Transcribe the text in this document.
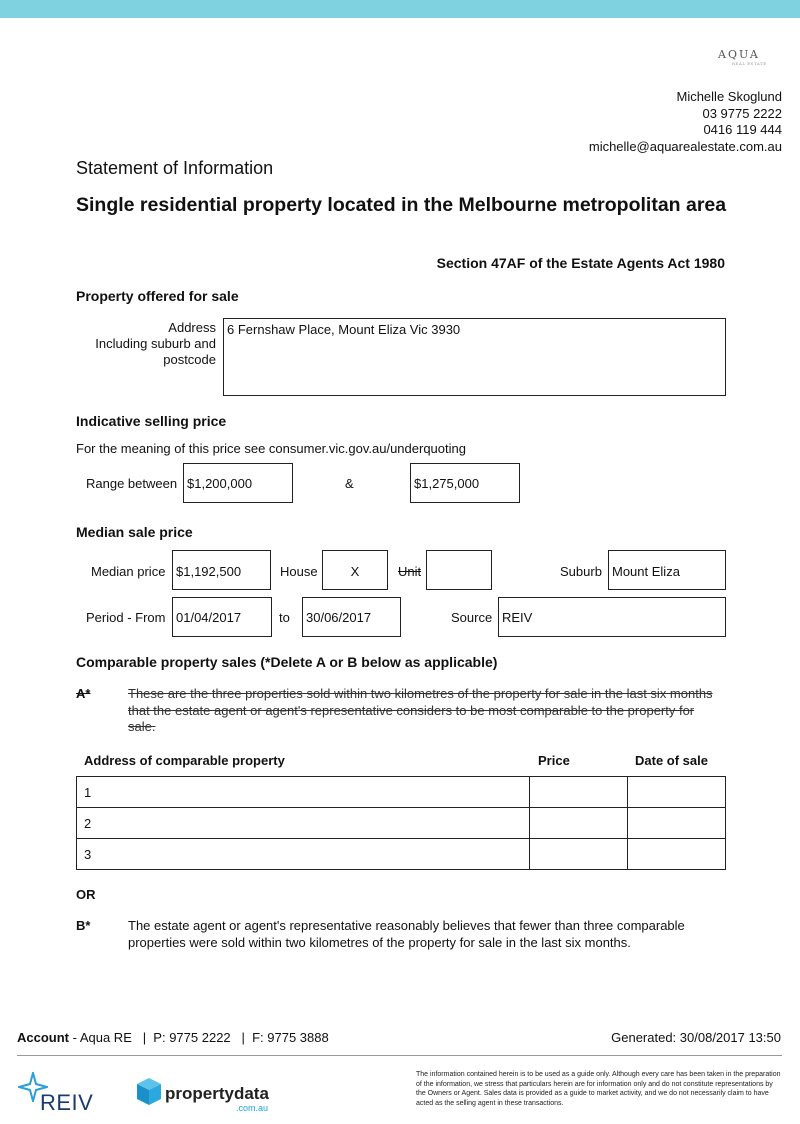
AQUA
REAL ESTATE
Michelle Skoglund
03 9775 2222
0416 119 444
michelle@aquarealestate.com.au
Statement of Information
Single residential property located in the Melbourne metropolitan area
Section 47AF of the Estate Agents Act 1980
Property offered for sale
Address
Including suburb and
postcode
6 Fernshaw Place, Mount Eliza Vic 3930
Indicative selling price
For the meaning of this price see consumer.vic.gov.au/underquoting
Range between $1,200,000	&	$1,275,000
Median sale price
Median price $1,192,500	House	X	Unit	Suburb Mount Eliza
Period - From 01/04/2017	to	30/06/2017	Source REIV
Comparable property sales (*Delete A or B below as applicable)
A*	These are the three properties sold within two kilometres of the property for sale in the last six months that the estate agent or agent's representative considers to be most comparable to the property for sale.
Address of comparable property	Price	Date of sale
1		
2		
3		
OR
B*	The estate agent or agent's representative reasonably believes that fewer than three comparable properties were sold within two kilometres of the property for sale in the last six months.
Account - Aqua RE   |  P: 9775 2222   |  F: 9775 3888	Generated: 30/08/2017 13:50
REIV	propertydata
.com.au
The information contained herein is to be used as a guide only. Although every care has been taken in the preparation of the information, we stress that particulars herein are for information only and do not constitute representations by the Owners or Agent. Sales data is provided as a guide to market activity, and we do not necessarily claim to have acted as the selling agent in these transactions.
